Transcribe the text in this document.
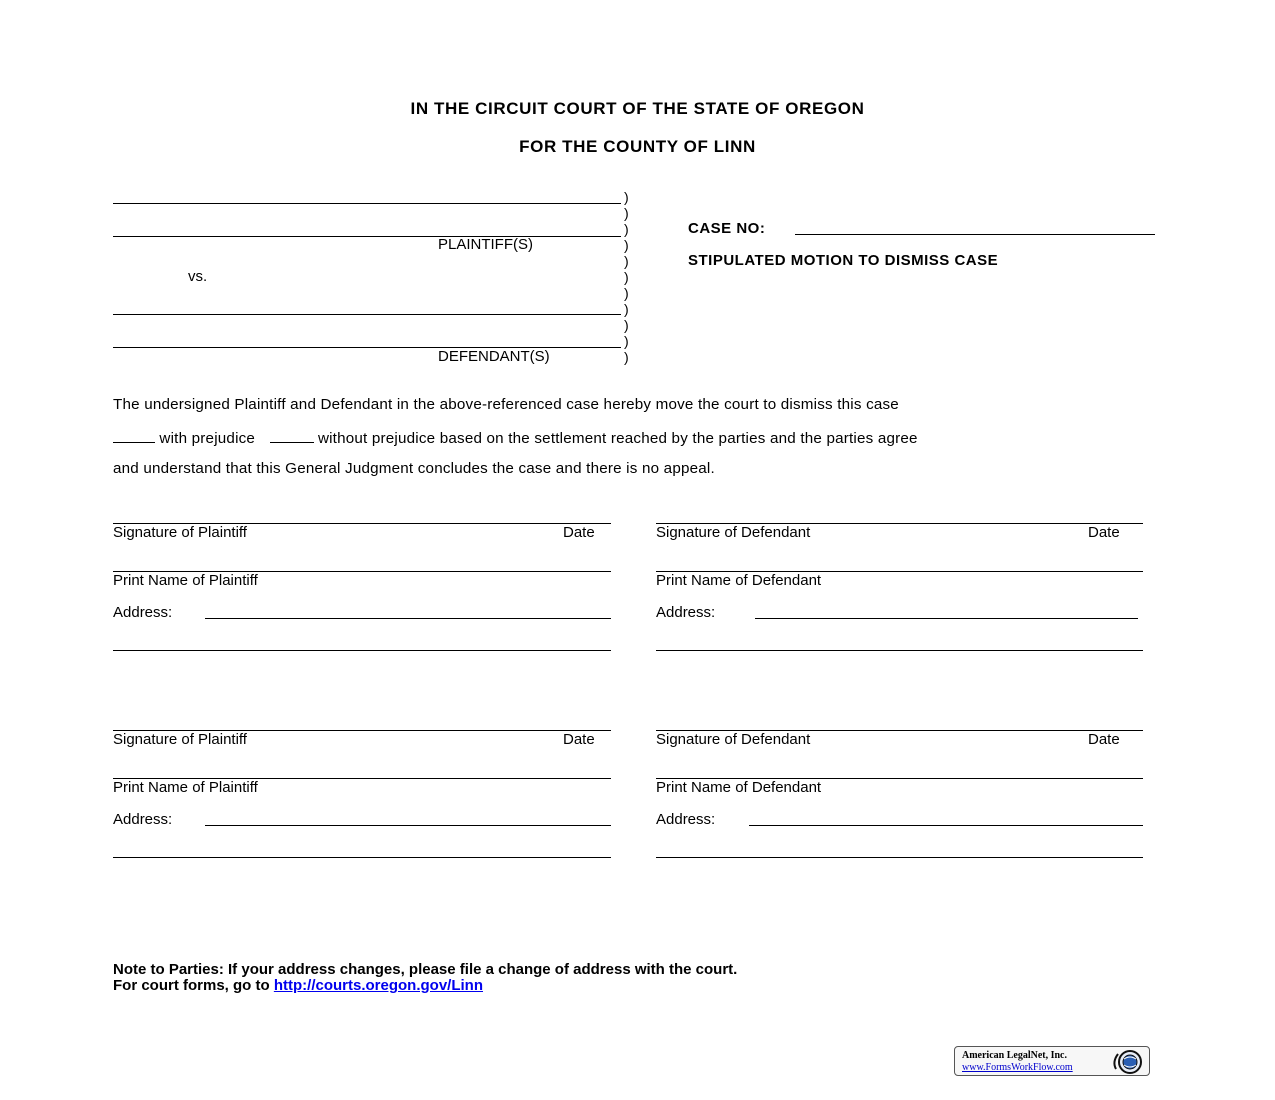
IN THE CIRCUIT COURT OF THE STATE OF OREGON
FOR THE COUNTY OF LINN
PLAINTIFF(S)
vs.
DEFENDANT(S)
)
)
)
)
)
)
)
)
)
)
)
CASE NO:
STIPULATED MOTION TO DISMISS CASE
The undersigned Plaintiff and Defendant in the above-referenced case hereby move the court to dismiss this case
with prejudice	without prejudice based on the settlement reached by the parties and the parties agree
and understand that this General Judgment concludes the case and there is no appeal.
Signature of Plaintiff	Date
Print Name of Plaintiff
Address:
Signature of Defendant	Date
Print Name of Defendant
Address:
Signature of Plaintiff	Date
Print Name of Plaintiff
Address:
Signature of Defendant	Date
Print Name of Defendant
Address:
Note to Parties: If your address changes, please file a change of address with the court.
For court forms, go to http://courts.oregon.gov/Linn
American LegalNet, Inc.
www.FormsWorkFlow.com
